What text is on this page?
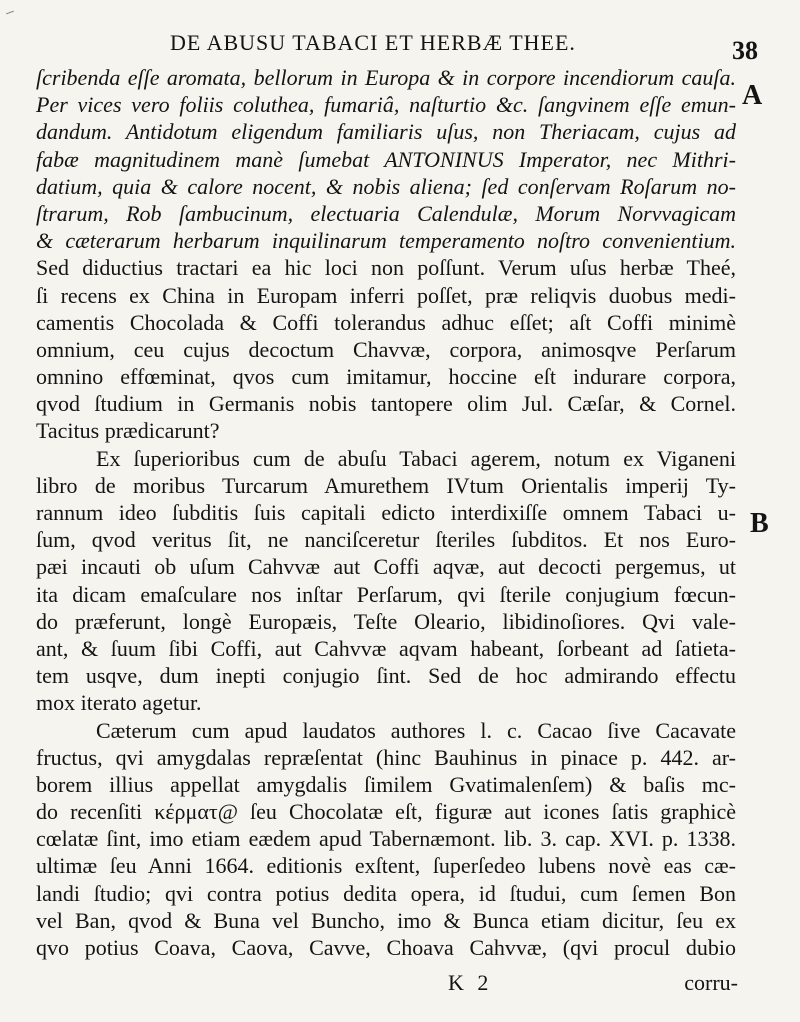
DE ABUSU TABACI ET HERBÆ THEE.	38
A
B
ſcribenda eſſe aromata, bellorum in Europa & in corpore incendiorum cauſa.
Per vices vero foliis coluthea, fumariâ, naſturtio &c. ſangvinem eſſe emun-
dandum. Antidotum eligendum familiaris uſus, non Theriacam, cujus ad
fabæ magnitudinem manè ſumebat ANTONINUS Imperator, nec Mithri-
datium, quia & calore nocent, & nobis aliena; ſed conſervam Roſarum no-
ſtrarum, Rob ſambucinum, electuaria Calendulæ, Morum Norvvagicam
& cæterarum herbarum inquilinarum temperamento noſtro convenientium.
Sed diductius tractari ea hic loci non poſſunt. Verum uſus herbæ Theé,
ſi recens ex China in Europam inferri poſſet, præ reliqvis duobus medi-
camentis Chocolada & Coffi tolerandus adhuc eſſet; aſt Coffi minimè
omnium, ceu cujus decoctum Chavvæ, corpora, animosqve Perſarum
omnino effœminat, qvos cum imitamur, hoccine eſt indurare corpora,
qvod ſtudium in Germanis nobis tantopere olim Jul. Cæſar, & Cornel.
Tacitus prædicarunt?
Ex ſuperioribus cum de abuſu Tabaci agerem, notum ex Viganeni
libro de moribus Turcarum Amurethem IVtum Orientalis imperij Ty-
rannum ideo ſubditis ſuis capitali edicto interdixiſſe omnem Tabaci u-
ſum, qvod veritus ſit, ne nanciſceretur ſteriles ſubditos. Et nos Euro-
pæi incauti ob uſum Cahvvæ aut Coffi aqvæ, aut decocti pergemus, ut
ita dicam emaſculare nos inſtar Perſarum, qvi ſterile conjugium fœcun-
do præferunt, longè Europæis, Teſte Oleario, libidinoſiores. Qvi vale-
ant, & ſuum ſibi Coffi, aut Cahvvæ aqvam habeant, ſorbeant ad ſatieta-
tem usqve, dum inepti conjugio ſint. Sed de hoc admirando effectu
mox iterato agetur.
Cæterum cum apud laudatos authores l. c. Cacao ſive Cacavate
fructus, qvi amygdalas repræſentat (hinc Bauhinus in pinace p. 442. ar-
borem illius appellat amygdalis ſimilem Gvatimalenſem) & baſis mc-
do recenſiti κέρματ@ ſeu Chocolatæ eſt, figuræ aut icones ſatis graphicè
cœlatæ ſint, imo etiam eædem apud Tabernæmont. lib. 3. cap. XVI. p. 1338.
ultimæ ſeu Anni 1664. editionis exſtent, ſuperſedeo lubens novè eas cæ-
landi ſtudio; qvi contra potius dedita opera, id ſtudui, cum ſemen Bon
vel Ban, qvod & Buna vel Buncho, imo & Bunca etiam dicitur, ſeu ex
qvo potius Coava, Caova, Cavve, Choava Cahvvæ, (qvi procul dubio
K 2	corru-
